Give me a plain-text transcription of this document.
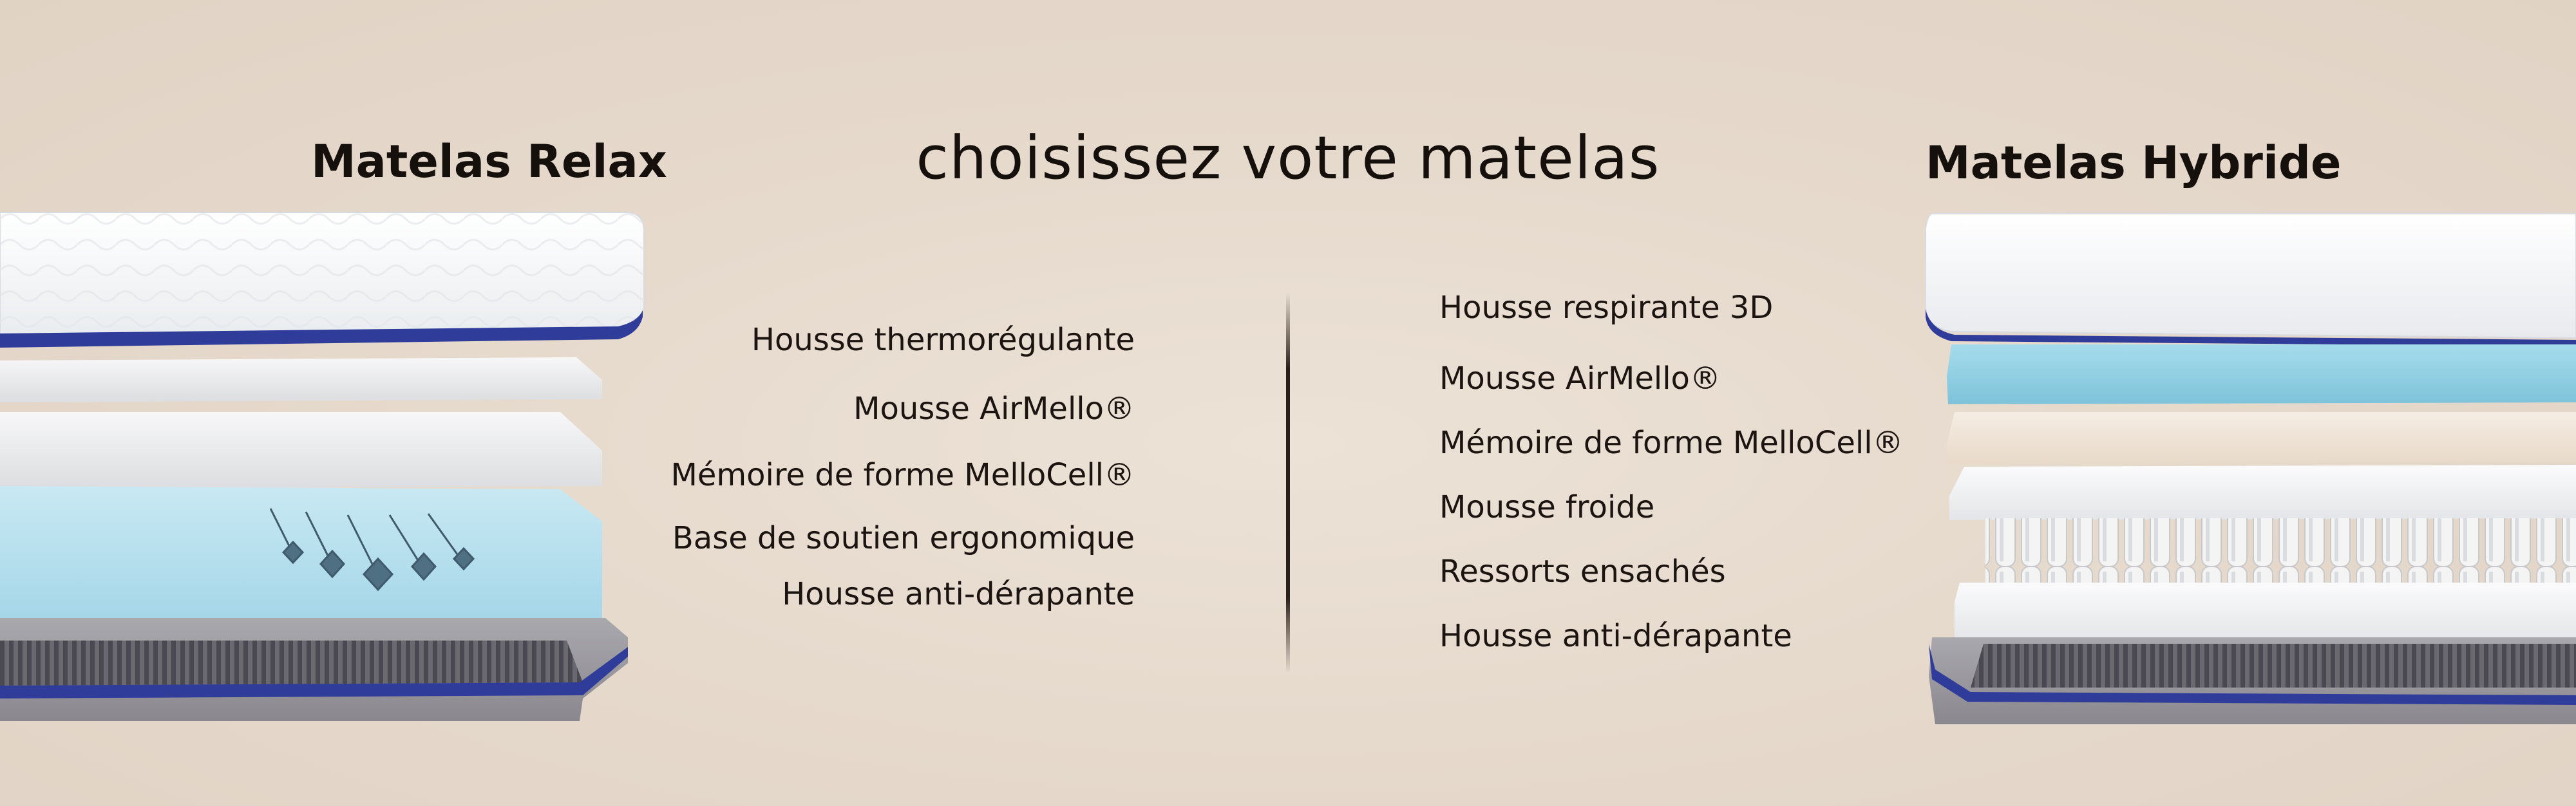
choisissez votre matelas
Matelas Relax	Matelas Hybride
Housse thermorégulante
Mousse AirMello®
Mémoire de forme MelloCell®
Base de soutien ergonomique
Housse anti-dérapante
Housse respirante 3D
Mousse AirMello®
Mémoire de forme MelloCell®
Mousse froide
Ressorts ensachés
Housse anti-dérapante
